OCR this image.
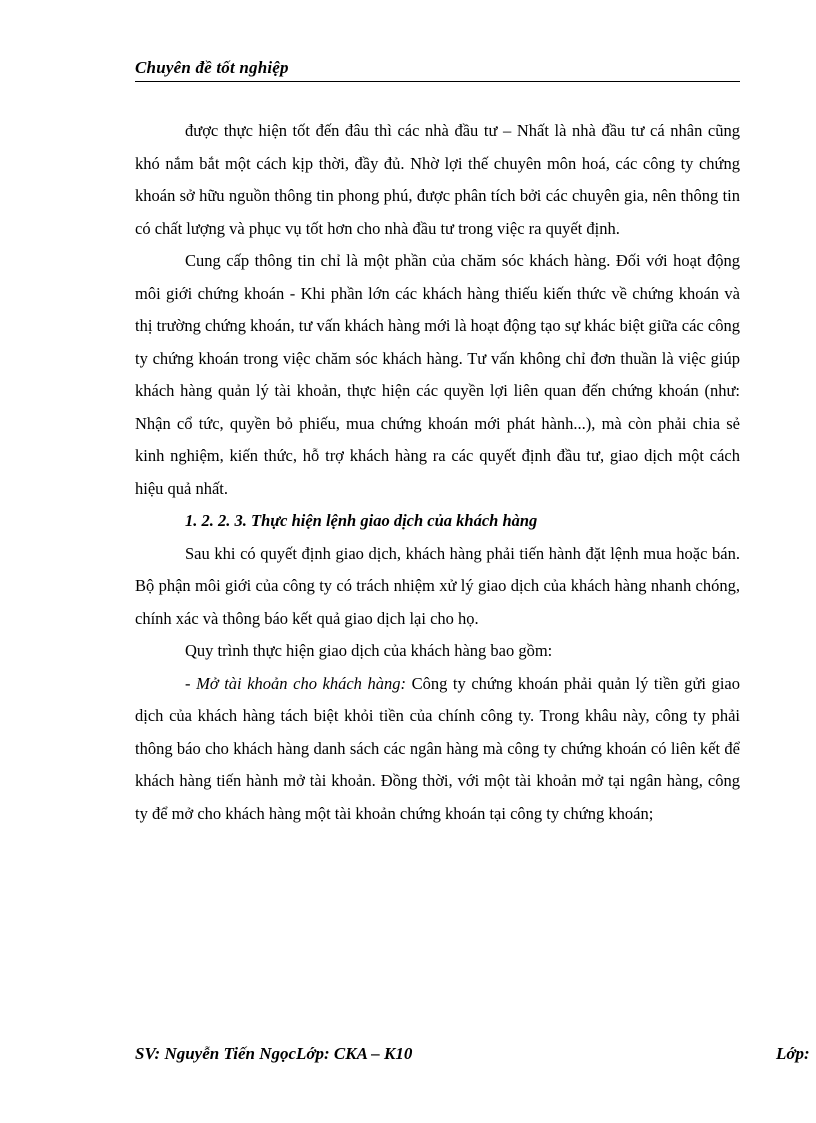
Chuyên đề tốt nghiệp

được thực hiện tốt đến đâu thì các nhà đầu tư – Nhất là nhà đầu tư cá nhân cũng khó nắm bắt một cách kịp thời, đầy đủ. Nhờ lợi thế chuyên môn hoá, các công ty chứng khoán sở hữu nguồn thông tin phong phú, được phân tích bởi các chuyên gia, nên thông tin có chất lượng và phục vụ tốt hơn cho nhà đầu tư trong việc ra quyết định.

Cung cấp thông tin chỉ là một phần của chăm sóc khách hàng. Đối với hoạt động môi giới chứng khoán - Khi phần lớn các khách hàng thiếu kiến thức về chứng khoán và thị trường chứng khoán, tư vấn khách hàng mới là hoạt động tạo sự khác biệt giữa các công ty chứng khoán trong việc chăm sóc khách hàng. Tư vấn không chỉ đơn thuần là việc giúp khách hàng quản lý tài khoản, thực hiện các quyền lợi liên quan đến chứng khoán (như: Nhận cổ tức, quyền bỏ phiếu, mua chứng khoán mới phát hành...), mà còn phải chia sẻ kinh nghiệm, kiến thức, hỗ trợ khách hàng ra các quyết định đầu tư, giao dịch một cách hiệu quả nhất.

1. 2. 2. 3. Thực hiện lệnh giao dịch của khách hàng

Sau khi có quyết định giao dịch, khách hàng phải tiến hành đặt lệnh mua hoặc bán. Bộ phận môi giới của công ty có trách nhiệm xử lý giao dịch của khách hàng nhanh chóng, chính xác và thông báo kết quả giao dịch lại cho họ.

Quy trình thực hiện giao dịch của khách hàng bao gồm:

- Mở tài khoản cho khách hàng: Công ty chứng khoán phải quản lý tiền gửi giao dịch của khách hàng tách biệt khỏi tiền của chính công ty. Trong khâu này, công ty phải thông báo cho khách hàng danh sách các ngân hàng mà công ty chứng khoán có liên kết để khách hàng tiến hành mở tài khoản. Đồng thời, với một tài khoản mở tại ngân hàng, công ty để mở cho khách hàng một tài khoản chứng khoán tại công ty chứng khoán;

SV: Nguyễn Tiến NgọcLớp: CKA – K10	Lớp:
